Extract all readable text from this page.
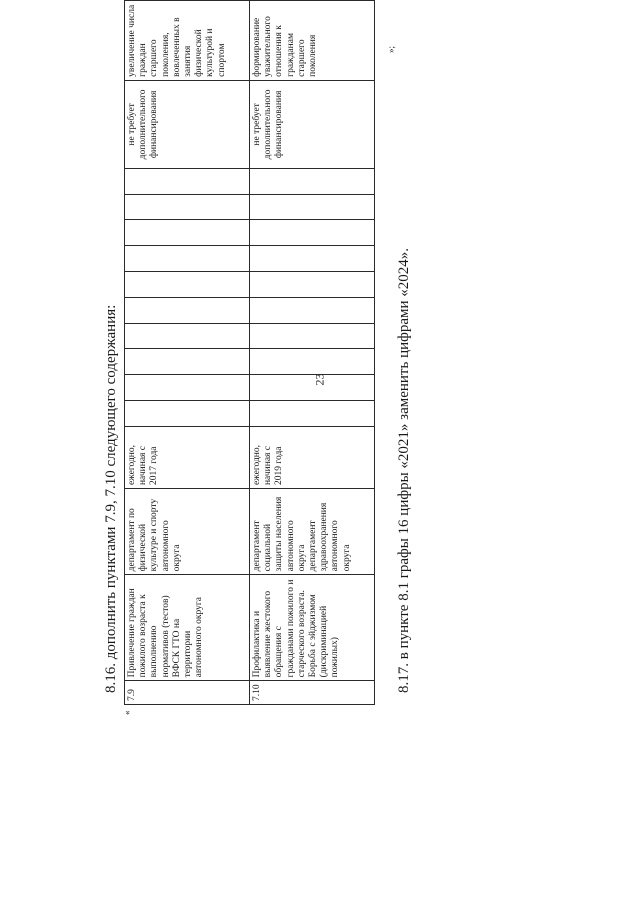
23
8.16. дополнить пунктами 7.9, 7.10 следующего содержания:
«
7.9	Привлечение граждан пожилого возраста к выполнению нормативов (тестов) ВФСК ГТО на территории автономного округа	департамент по физической культуре и спорту автономного округа	ежегодно, начиная с 2017 года											не требует дополнительного финансирования	увеличение числа граждан старшего поколения, вовлеченных в занятия физической культурой и спортом
7.10	Профилактика и выявление жестокого обращения с гражданами пожилого и старческого возраста. Борьба с эйджизмом (дискриминацией пожилых)	департамент социальной защиты населения автономного округа департамент здравоохранения автономного округа	ежегодно, начиная с 2019 года											не требует дополнительного финансирования	формирование уважительного отношения к гражданам старшего поколения	»;
8.17. в пункте 8.1 графы 16 цифры «2021» заменить цифрами «2024».
